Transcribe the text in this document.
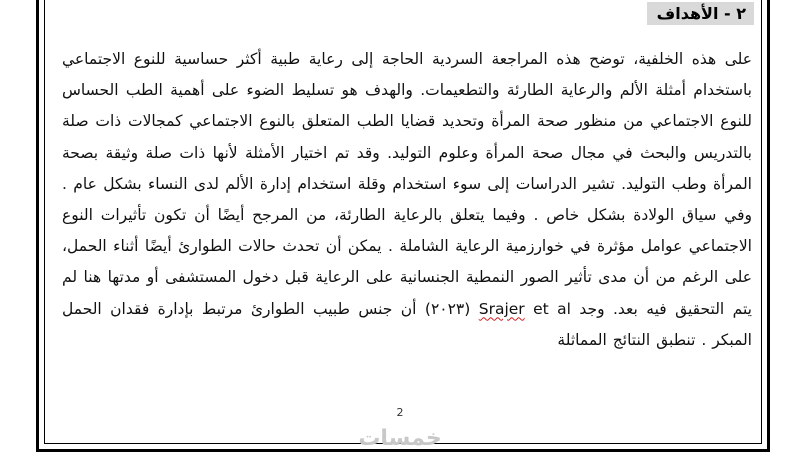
٢ - الأهداف
على هذه الخلفية، توضح هذه المراجعة السردية الحاجة إلى رعاية طبية أكثر حساسية للنوع الاجتماعي باستخدام أمثلة الألم والرعاية الطارئة والتطعيمات. والهدف هو تسليط الضوء على أهمية الطب الحساس للنوع الاجتماعي من منظور صحة المرأة وتحديد قضايا الطب المتعلق بالنوع الاجتماعي كمجالات ذات صلة بالتدريس والبحث في مجال صحة المرأة وعلوم التوليد. وقد تم اختيار الأمثلة لأنها ذات صلة وثيقة بصحة المرأة وطب التوليد. تشير الدراسات إلى سوء استخدام وقلة استخدام إدارة الألم لدى النساء بشكل عام . وفي سياق الولادة بشكل خاص . وفيما يتعلق بالرعاية الطارئة، من المرجح أيضًا أن تكون تأثيرات النوع الاجتماعي عوامل مؤثرة في خوارزمية الرعاية الشاملة . يمكن أن تحدث حالات الطوارئ أيضًا أثناء الحمل، على الرغم من أن مدى تأثير الصور النمطية الجنسانية على الرعاية قبل دخول المستشفى أو مدتها هنا لم يتم التحقيق فيه بعد. وجد Srajer et al (٢٠٢٣) أن جنس طبيب الطوارئ مرتبط بإدارة فقدان الحمل المبكر . تنطبق النتائج المماثلة
2
خمسات
